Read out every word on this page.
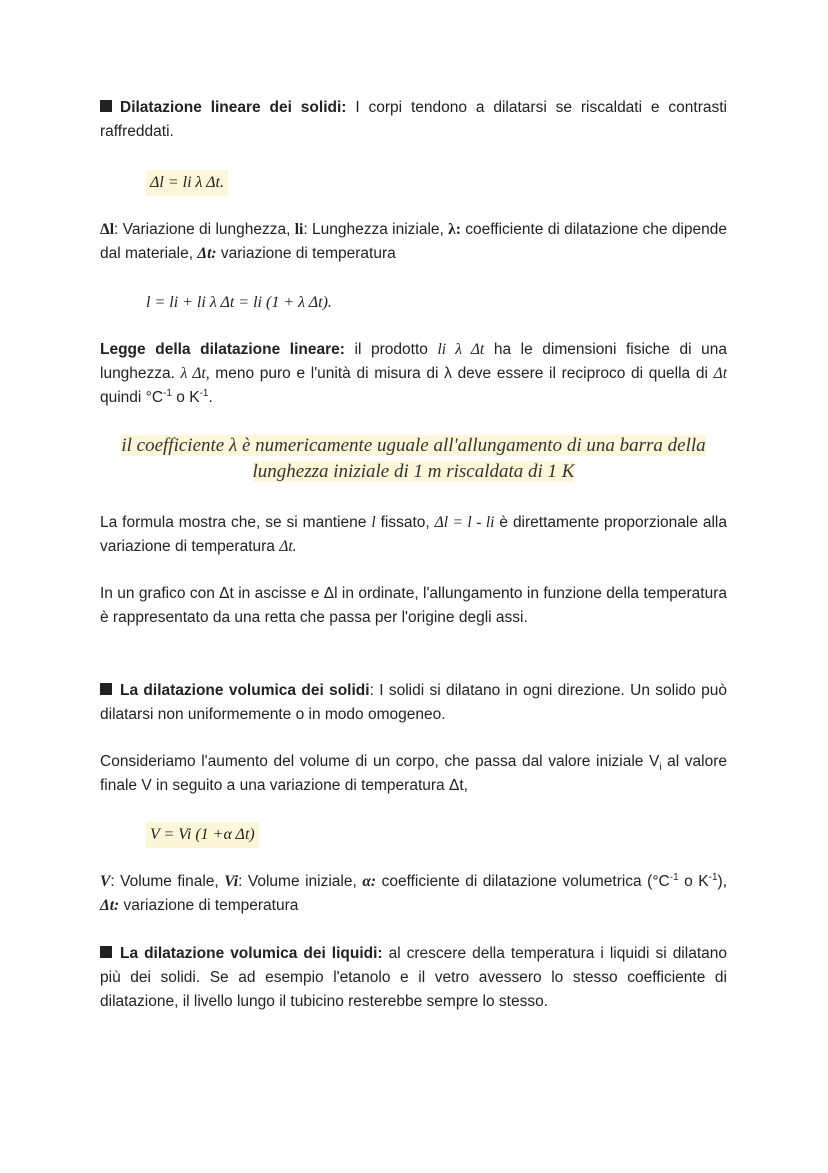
Dilatazione lineare dei solidi: I corpi tendono a dilatarsi se riscaldati e contrasti raffreddati.
Δl = li λ Δt.
Δl: Variazione di lunghezza, li: Lunghezza iniziale, λ: coefficiente di dilatazione che dipende dal materiale, Δt: variazione di temperatura
l = li + li λ Δt = li (1 + λ Δt).
Legge della dilatazione lineare: il prodotto li λ Δt ha le dimensioni fisiche di una lunghezza. λ Δt, meno puro e l'unità di misura di λ deve essere il reciproco di quella di Δt quindi $^\circ C^{-1}$ o $K^{-1}$.
il coefficiente λ è numericamente uguale all'allungamento di una barra della
lunghezza iniziale di 1 m riscaldata di 1 K
La formula mostra che, se si mantiene l fissato, Δl = l - li è direttamente proporzionale alla variazione di temperatura Δt.
In un grafico con Δt in ascisse e Δl in ordinate, l'allungamento in funzione della temperatura è rappresentato da una retta che passa per l'origine degli assi.
La dilatazione volumica dei solidi: I solidi si dilatano in ogni direzione. Un solido può dilatarsi non uniformemente o in modo omogeneo.
Consideriamo l'aumento del volume di un corpo, che passa dal valore iniziale $V_i$ al valore finale V in seguito a una variazione di temperatura Δt,
V = Vi (1 +α Δt)
V: Volume finale, Vi: Volume iniziale, α: coefficiente di dilatazione volumetrica ($^\circ C^{-1}$ o $K^{-1}$), Δt: variazione di temperatura
La dilatazione volumica dei liquidi: al crescere della temperatura i liquidi si dilatano più dei solidi. Se ad esempio l'etanolo e il vetro avessero lo stesso coefficiente di dilatazione, il livello lungo il tubicino resterebbe sempre lo stesso.
